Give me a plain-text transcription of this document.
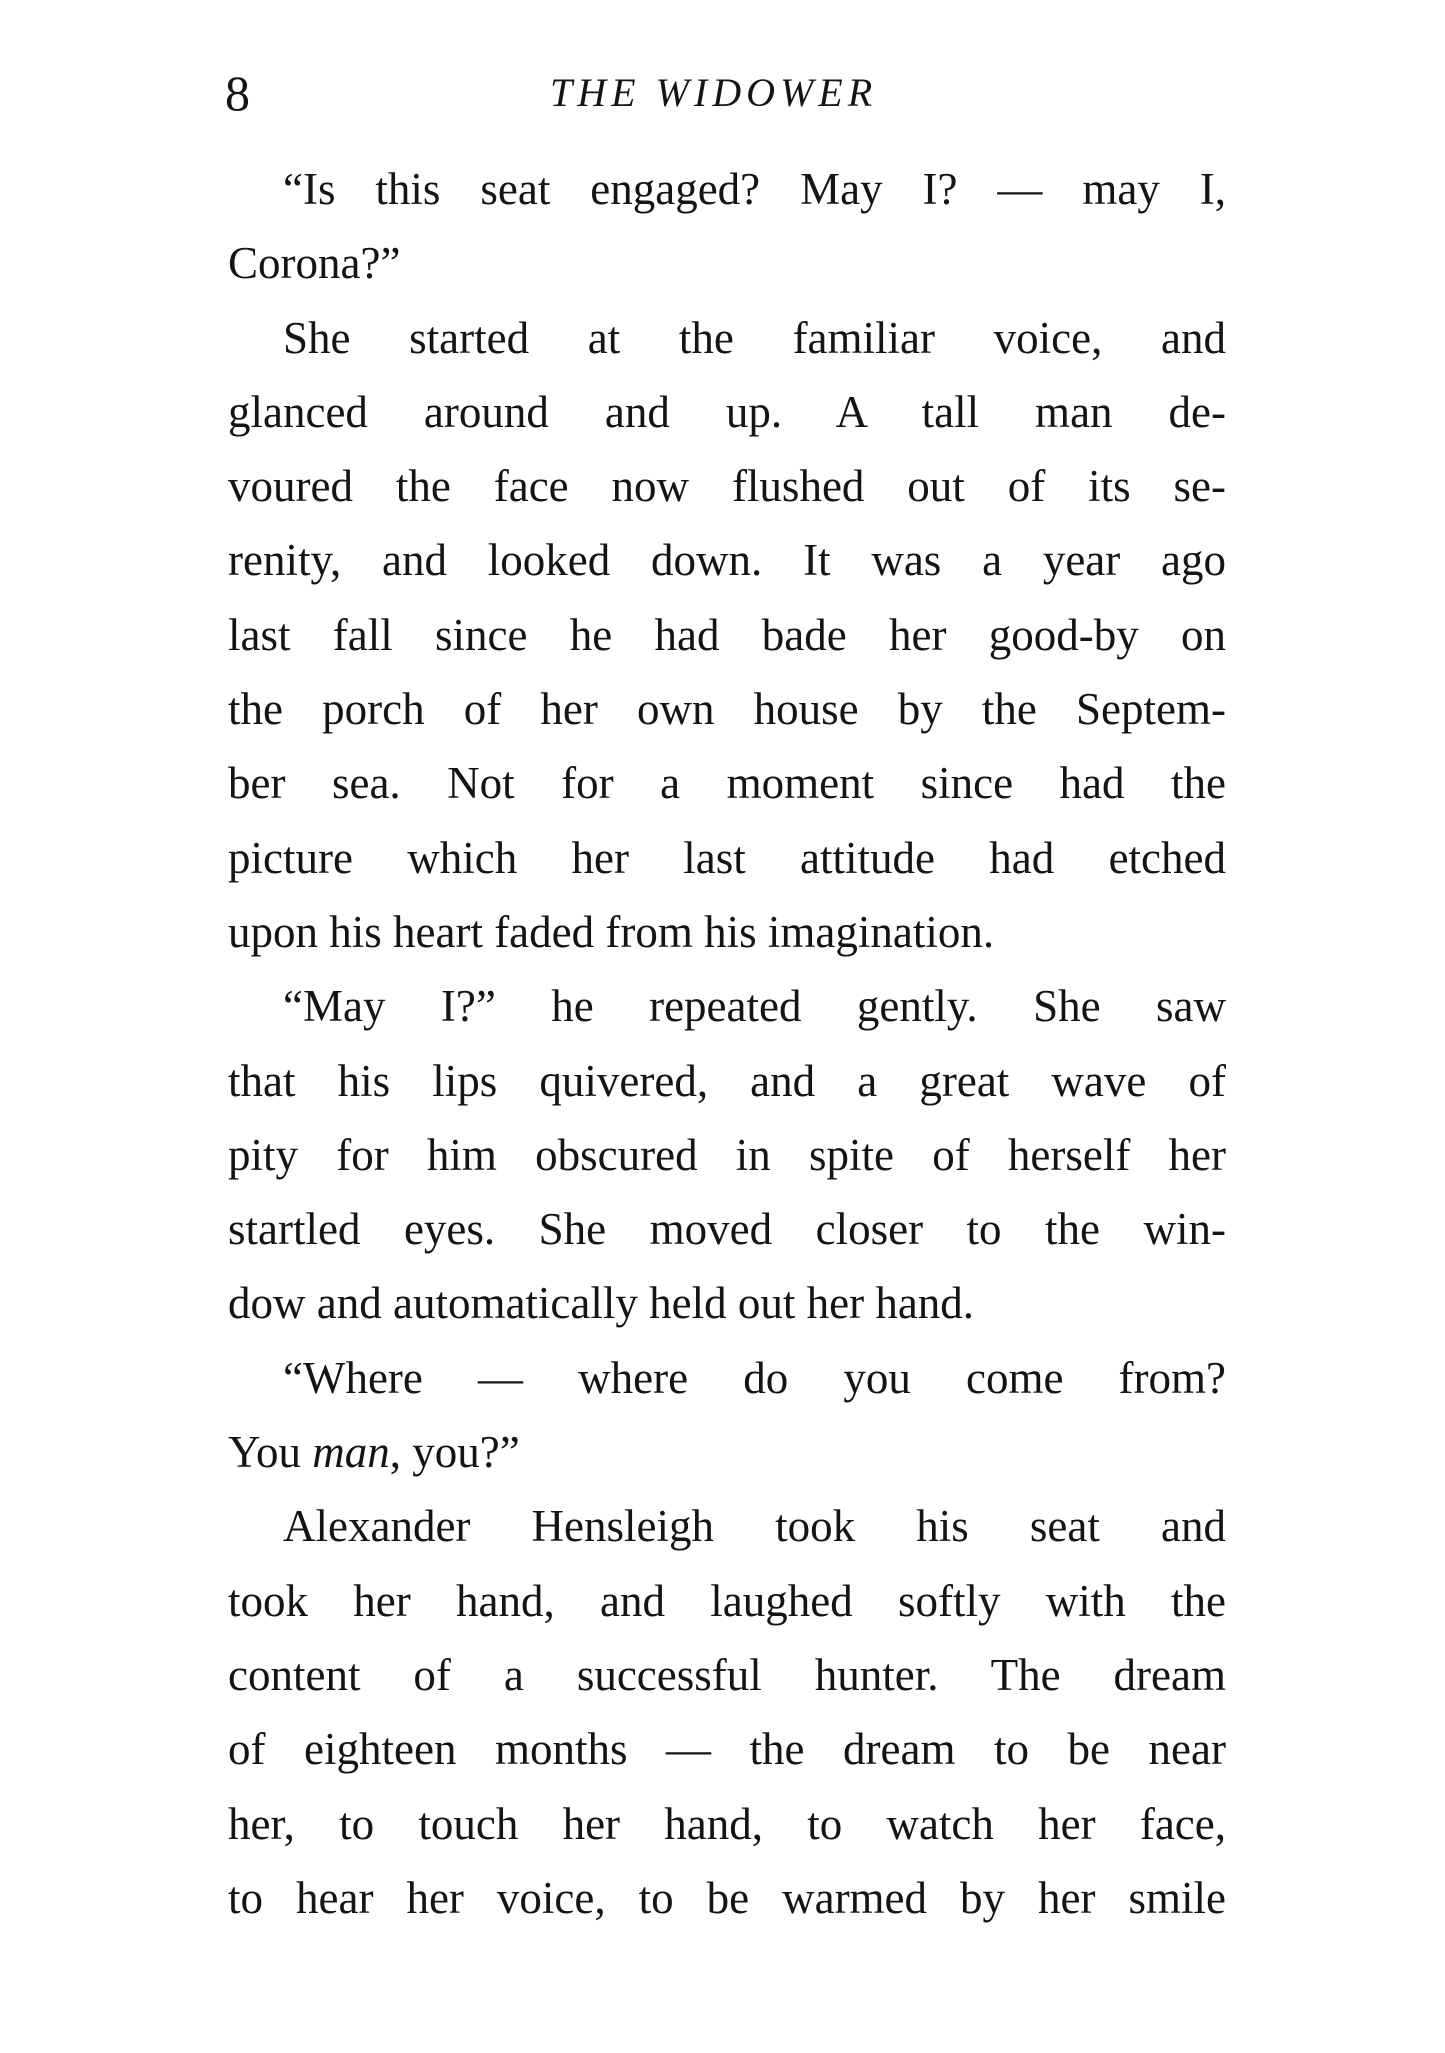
8	THE WIDOWER
“Is this seat engaged? May I? — may I,
Corona?”
She started at the familiar voice, and
glanced around and up. A tall man de-
voured the face now flushed out of its se-
renity, and looked down. It was a year ago
last fall since he had bade her good-by on
the porch of her own house by the Septem-
ber sea. Not for a moment since had the
picture which her last attitude had etched
upon his heart faded from his imagination.
“May I?” he repeated gently. She saw
that his lips quivered, and a great wave of
pity for him obscured in spite of herself her
startled eyes. She moved closer to the win-
dow and automatically held out her hand.
“Where — where do you come from?
You man, you?”
Alexander Hensleigh took his seat and
took her hand, and laughed softly with the
content of a successful hunter. The dream
of eighteen months — the dream to be near
her, to touch her hand, to watch her face,
to hear her voice, to be warmed by her smile
